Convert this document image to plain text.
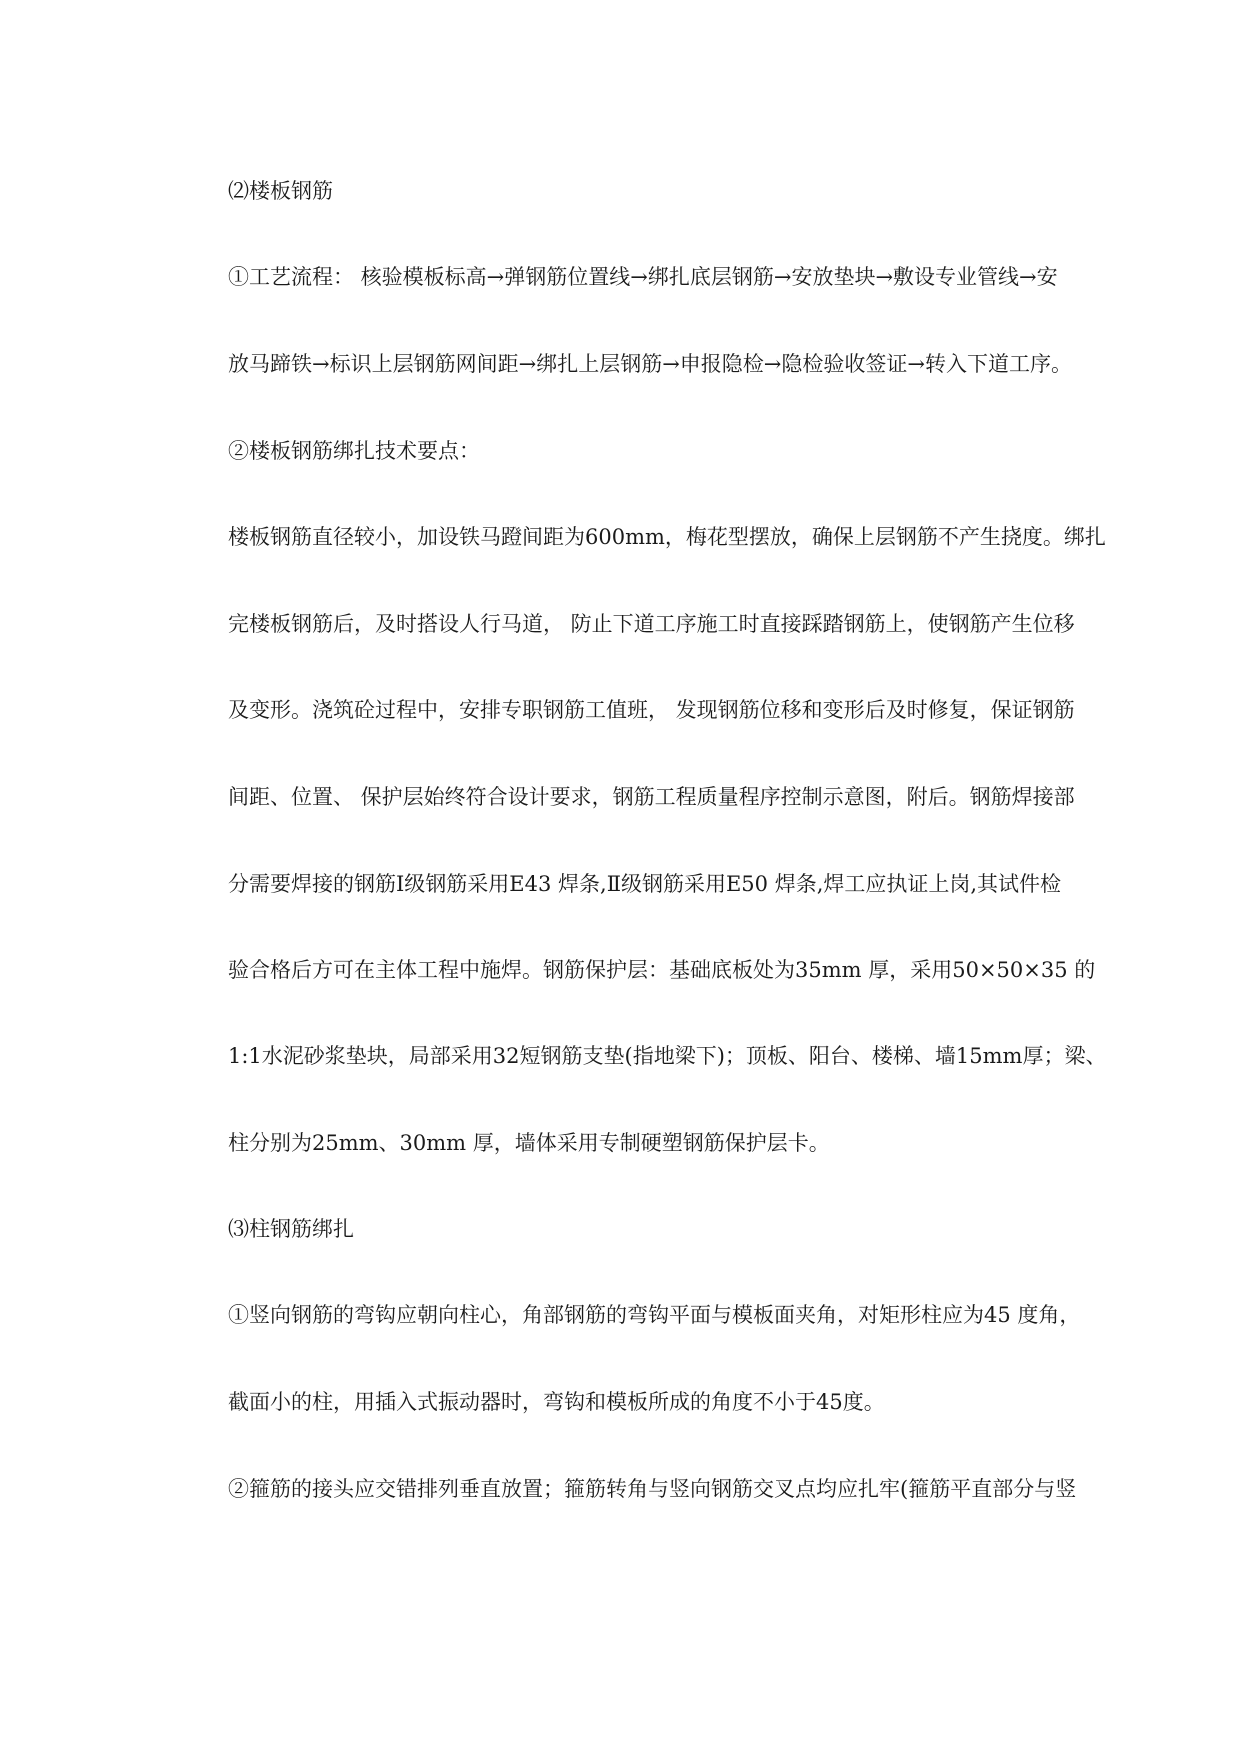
⑵楼板钢筋
①工艺流程： 核验模板标高→弹钢筋位置线→绑扎底层钢筋→安放垫块→敷设专业管线→安
放马蹄铁→标识上层钢筋网间距→绑扎上层钢筋→申报隐检→隐检验收签证→转入下道工序。
②楼板钢筋绑扎技术要点：
楼板钢筋直径较小，加设铁马蹬间距为600mm，梅花型摆放，确保上层钢筋不产生挠度。绑扎
完楼板钢筋后，及时搭设人行马道， 防止下道工序施工时直接踩踏钢筋上，使钢筋产生位移
及变形。浇筑砼过程中，安排专职钢筋工值班， 发现钢筋位移和变形后及时修复，保证钢筋
间距、位置、 保护层始终符合设计要求，钢筋工程质量程序控制示意图，附后。钢筋焊接部
分需要焊接的钢筋Ⅰ级钢筋采用E43 焊条,Ⅱ级钢筋采用E50 焊条,焊工应执证上岗,其试件检
验合格后方可在主体工程中施焊。钢筋保护层：基础底板处为35mm 厚，采用50×50×35 的
1:1水泥砂浆垫块，局部采用32短钢筋支垫(指地梁下)；顶板、阳台、楼梯、墙15mm厚；梁、
柱分别为25mm、30mm 厚，墙体采用专制硬塑钢筋保护层卡。
⑶柱钢筋绑扎
①竖向钢筋的弯钩应朝向柱心，角部钢筋的弯钩平面与模板面夹角，对矩形柱应为45 度角，
截面小的柱，用插入式振动器时，弯钩和模板所成的角度不小于45度。
②箍筋的接头应交错排列垂直放置；箍筋转角与竖向钢筋交叉点均应扎牢(箍筋平直部分与竖
